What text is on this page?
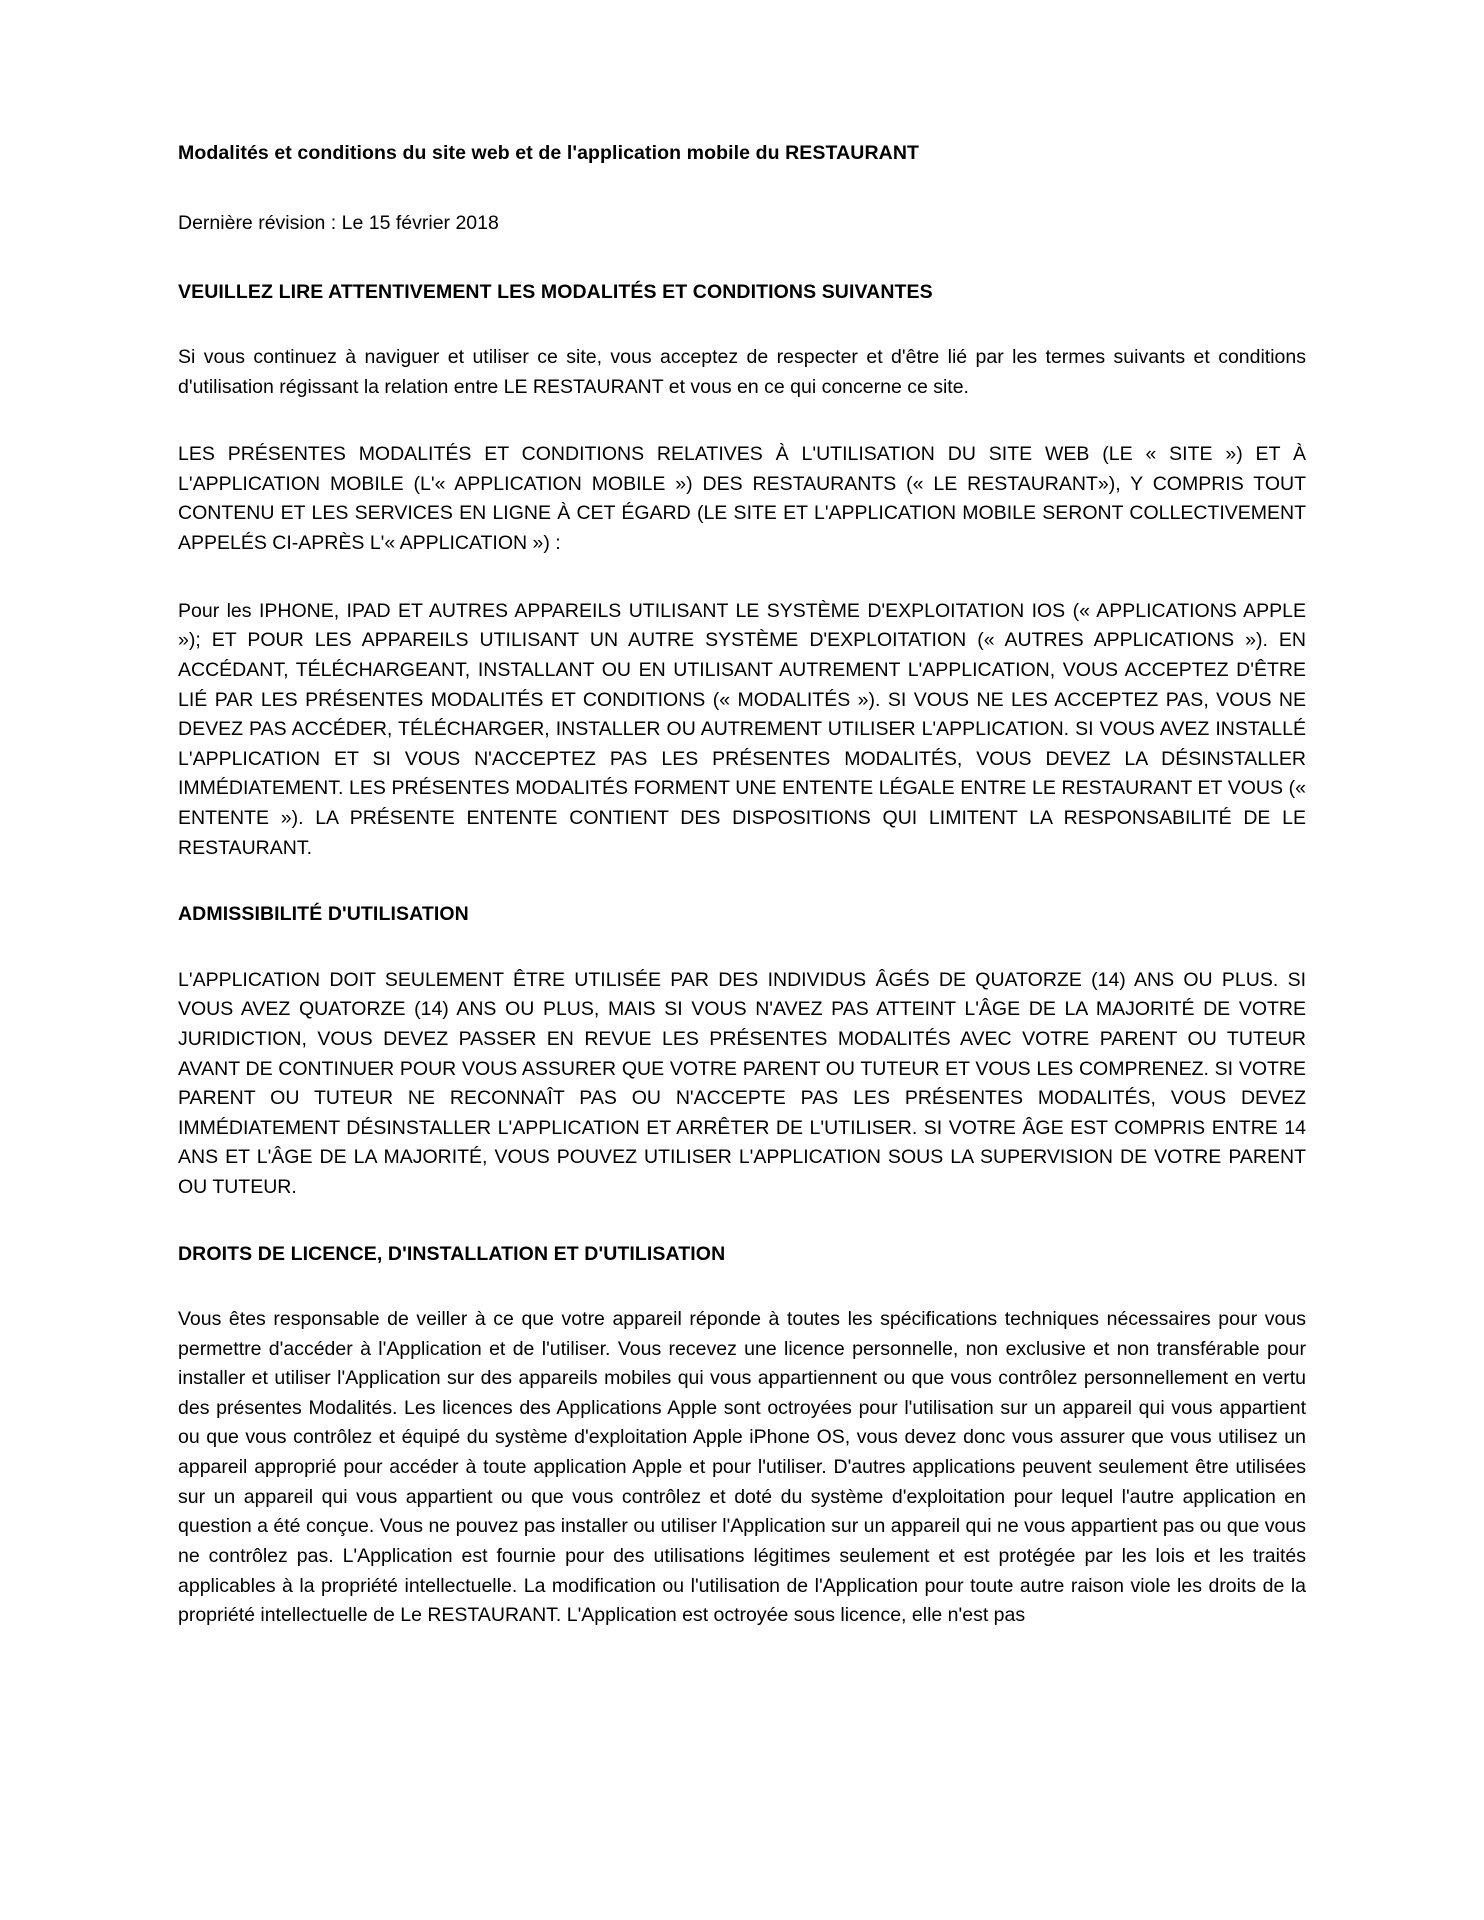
Modalités et conditions du site web et de l'application mobile du RESTAURANT

Dernière révision : Le 15 février 2018

VEUILLEZ LIRE ATTENTIVEMENT LES MODALITÉS ET CONDITIONS SUIVANTES

Si vous continuez à naviguer et utiliser ce site, vous acceptez de respecter et d'être lié par les termes suivants et conditions d'utilisation régissant la relation entre LE RESTAURANT et vous en ce qui concerne ce site.

LES PRÉSENTES MODALITÉS ET CONDITIONS RELATIVES À L'UTILISATION DU SITE WEB (LE « SITE ») ET À L'APPLICATION MOBILE (L'« APPLICATION MOBILE ») DES RESTAURANTS (« LE RESTAURANT»), Y COMPRIS TOUT CONTENU ET LES SERVICES EN LIGNE À CET ÉGARD (LE SITE ET L'APPLICATION MOBILE SERONT COLLECTIVEMENT APPELÉS CI-APRÈS L'« APPLICATION ») :

Pour les IPHONE, IPAD ET AUTRES APPAREILS UTILISANT LE SYSTÈME D'EXPLOITATION IOS (« APPLICATIONS APPLE »); ET POUR LES APPAREILS UTILISANT UN AUTRE SYSTÈME D'EXPLOITATION (« AUTRES APPLICATIONS »). EN ACCÉDANT, TÉLÉCHARGEANT, INSTALLANT OU EN UTILISANT AUTREMENT L'APPLICATION, VOUS ACCEPTEZ D'ÊTRE LIÉ PAR LES PRÉSENTES MODALITÉS ET CONDITIONS (« MODALITÉS »). SI VOUS NE LES ACCEPTEZ PAS, VOUS NE DEVEZ PAS ACCÉDER, TÉLÉCHARGER, INSTALLER OU AUTREMENT UTILISER L'APPLICATION. SI VOUS AVEZ INSTALLÉ L'APPLICATION ET SI VOUS N'ACCEPTEZ PAS LES PRÉSENTES MODALITÉS, VOUS DEVEZ LA DÉSINSTALLER IMMÉDIATEMENT. LES PRÉSENTES MODALITÉS FORMENT UNE ENTENTE LÉGALE ENTRE LE RESTAURANT ET VOUS (« ENTENTE »). LA PRÉSENTE ENTENTE CONTIENT DES DISPOSITIONS QUI LIMITENT LA RESPONSABILITÉ DE LE RESTAURANT.

ADMISSIBILITÉ D'UTILISATION

L'APPLICATION DOIT SEULEMENT ÊTRE UTILISÉE PAR DES INDIVIDUS ÂGÉS DE QUATORZE (14) ANS OU PLUS. SI VOUS AVEZ QUATORZE (14) ANS OU PLUS, MAIS SI VOUS N'AVEZ PAS ATTEINT L'ÂGE DE LA MAJORITÉ DE VOTRE JURIDICTION, VOUS DEVEZ PASSER EN REVUE LES PRÉSENTES MODALITÉS AVEC VOTRE PARENT OU TUTEUR AVANT DE CONTINUER POUR VOUS ASSURER QUE VOTRE PARENT OU TUTEUR ET VOUS LES COMPRENEZ. SI VOTRE PARENT OU TUTEUR NE RECONNAÎT PAS OU N'ACCEPTE PAS LES PRÉSENTES MODALITÉS, VOUS DEVEZ IMMÉDIATEMENT DÉSINSTALLER L'APPLICATION ET ARRÊTER DE L'UTILISER. SI VOTRE ÂGE EST COMPRIS ENTRE 14 ANS ET L'ÂGE DE LA MAJORITÉ, VOUS POUVEZ UTILISER L'APPLICATION SOUS LA SUPERVISION DE VOTRE PARENT OU TUTEUR.

DROITS DE LICENCE, D'INSTALLATION ET D'UTILISATION

Vous êtes responsable de veiller à ce que votre appareil réponde à toutes les spécifications techniques nécessaires pour vous permettre d'accéder à l'Application et de l'utiliser. Vous recevez une licence personnelle, non exclusive et non transférable pour installer et utiliser l'Application sur des appareils mobiles qui vous appartiennent ou que vous contrôlez personnellement en vertu des présentes Modalités. Les licences des Applications Apple sont octroyées pour l'utilisation sur un appareil qui vous appartient ou que vous contrôlez et équipé du système d'exploitation Apple iPhone OS, vous devez donc vous assurer que vous utilisez un appareil approprié pour accéder à toute application Apple et pour l'utiliser. D'autres applications peuvent seulement être utilisées sur un appareil qui vous appartient ou que vous contrôlez et doté du système d'exploitation pour lequel l'autre application en question a été conçue. Vous ne pouvez pas installer ou utiliser l'Application sur un appareil qui ne vous appartient pas ou que vous ne contrôlez pas. L'Application est fournie pour des utilisations légitimes seulement et est protégée par les lois et les traités applicables à la propriété intellectuelle. La modification ou l'utilisation de l'Application pour toute autre raison viole les droits de la propriété intellectuelle de Le RESTAURANT. L'Application est octroyée sous licence, elle n'est pas
